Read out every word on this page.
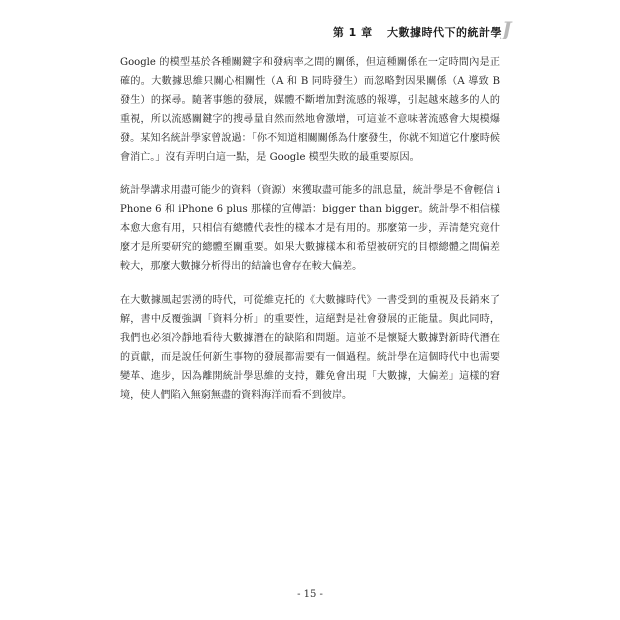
第 1 章 大數據時代下的統計學 J

Google 的模型基於各種關鍵字和發病率之間的關係，但這種關係在一定時間內是正確的。大數據思維只關心相關性（A 和 B 同時發生）而忽略對因果關係（A 導致 B 發生）的探尋。隨著事態的發展，媒體不斷增加對流感的報導，引起越來越多的人的重視，所以流感關鍵字的搜尋量自然而然地會激增，可這並不意味著流感會大規模爆發。某知名統計學家曾說過：「你不知道相關關係為什麼發生，你就不知道它什麼時候會消亡。」沒有弄明白這一點，是 Google 模型失敗的最重要原因。

統計學講求用盡可能少的資料（資源）來獲取盡可能多的訊息量，統計學是不會輕信 iPhone 6 和 iPhone 6 plus 那樣的宣傳語：bigger than bigger。統計學不相信樣本愈大愈有用，只相信有總體代表性的樣本才是有用的。那麼第一步，弄清楚究竟什麼才是所要研究的總體至關重要。如果大數據樣本和希望被研究的目標總體之間偏差較大，那麼大數據分析得出的結論也會存在較大偏差。

在大數據風起雲湧的時代，可從維克托的《大數據時代》一書受到的重視及長銷來了解，書中反覆強調「資料分析」的重要性，這絕對是社會發展的正能量。與此同時，我們也必須冷靜地看待大數據潛在的缺陷和問題。這並不是懷疑大數據對新時代潛在的貢獻，而是說任何新生事物的發展都需要有一個過程。統計學在這個時代中也需要變革、進步，因為離開統計學思維的支持，難免會出現「大數據，大偏差」這樣的窘境，使人們陷入無窮無盡的資料海洋而看不到彼岸。

- 15 -
